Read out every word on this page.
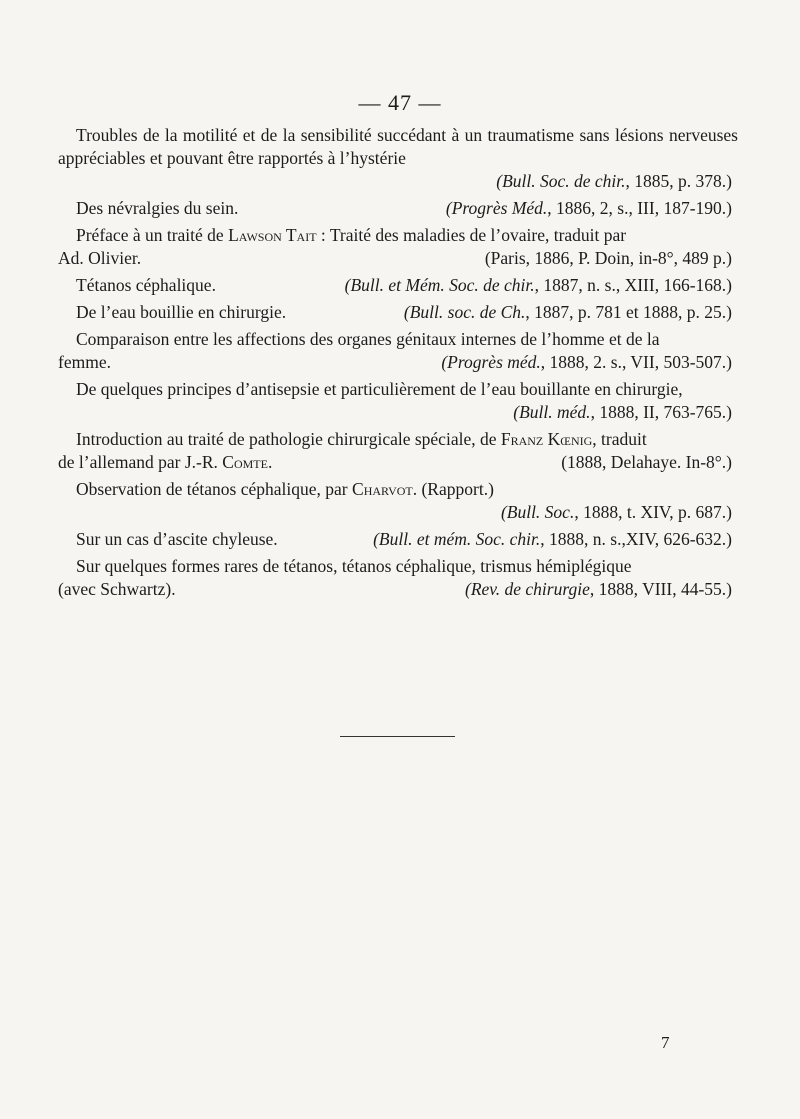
— 47 —
Troubles de la motilité et de la sensibilité succédant à un traumatisme sans lésions nerveuses appréciables et pouvant être rapportés à l’hystérie
(Bull. Soc. de chir., 1885, p. 378.)
Des névralgies du sein.	(Progrès Méd., 1886, 2, s., III, 187-190.)
Préface à un traité de Lawson Tait : Traité des maladies de l’ovaire, traduit par
Ad. Olivier.	(Paris, 1886, P. Doin, in-8°, 489 p.)
Tétanos céphalique.	(Bull. et Mém. Soc. de chir., 1887, n. s., XIII, 166-168.)
De l’eau bouillie en chirurgie.	(Bull. soc. de Ch., 1887, p. 781 et 1888, p. 25.)
Comparaison entre les affections des organes génitaux internes de l’homme et de la
femme.	(Progrès méd., 1888, 2. s., VII, 503-507.)
De quelques principes d’antisepsie et particulièrement de l’eau bouillante en chirurgie,
(Bull. méd., 1888, II, 763-765.)
Introduction au traité de pathologie chirurgicale spéciale, de Franz Kœnig, traduit
de l’allemand par J.-R. Comte.	(1888, Delahaye. In-8°.)
Observation de tétanos céphalique, par Charvot. (Rapport.)
(Bull. Soc., 1888, t. XIV, p. 687.)
Sur un cas d’ascite chyleuse.	(Bull. et mém. Soc. chir., 1888, n. s.,XIV, 626-632.)
Sur quelques formes rares de tétanos, tétanos céphalique, trismus hémiplégique
(avec Schwartz).	(Rev. de chirurgie, 1888, VIII, 44-55.)
7
